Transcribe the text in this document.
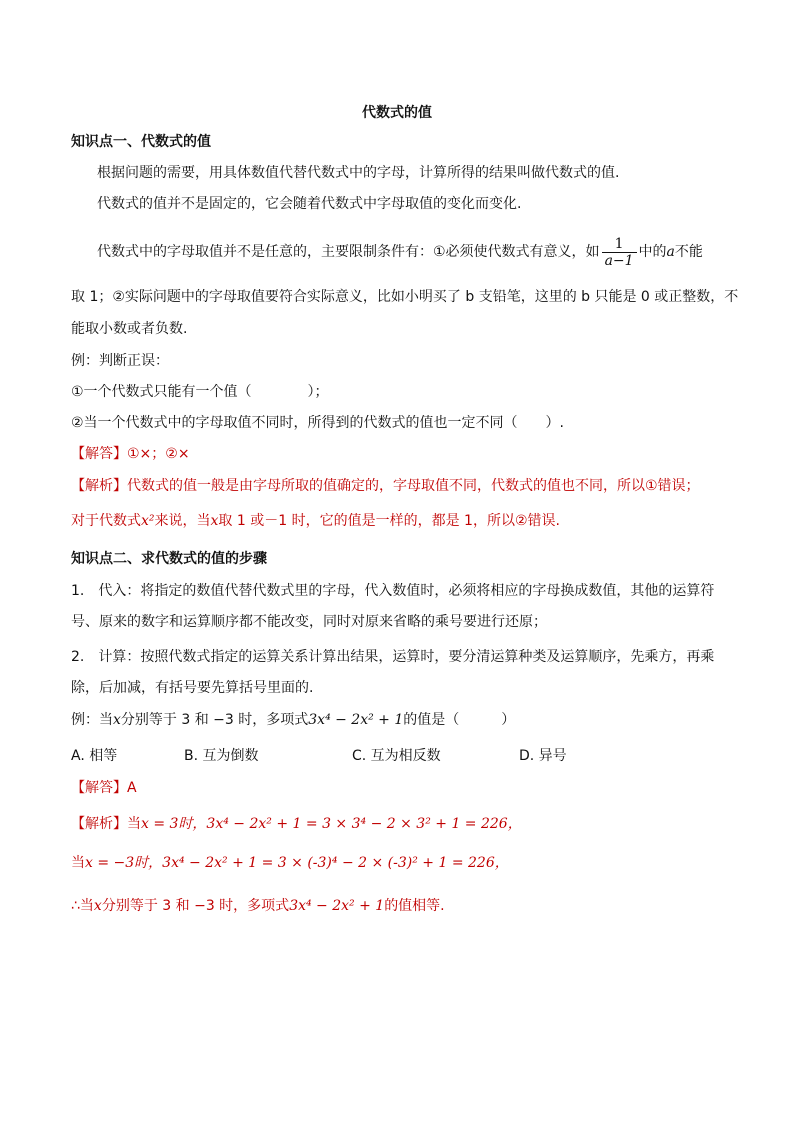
代数式的值
知识点一、代数式的值
根据问题的需要，用具体数值代替代数式中的字母，计算所得的结果叫做代数式的值.
代数式的值并不是固定的，它会随着代数式中字母取值的变化而变化.
代数式中的字母取值并不是任意的，主要限制条件有：①必须使代数式有意义，如 $\frac{1}{a-1}$ 中的a不能
取 1；②实际问题中的字母取值要符合实际意义，比如小明买了 b 支铅笔，这里的 b 只能是 0 或正整数，不
能取小数或者负数.
例：判断正误：
①一个代数式只能有一个值（　　　　）；
②当一个代数式中的字母取值不同时，所得到的代数式的值也一定不同（　　）.
【解答】①×；②×
【解析】代数式的值一般是由字母所取的值确定的，字母取值不同，代数式的值也不同，所以①错误；
对于代数式x²来说，当x取 1 或－1 时，它的值是一样的，都是 1，所以②错误.
知识点二、求代数式的值的步骤
1.　代入：将指定的数值代替代数式里的字母，代入数值时，必须将相应的字母换成数值，其他的运算符
号、原来的数字和运算顺序都不能改变，同时对原来省略的乘号要进行还原；
2.　计算：按照代数式指定的运算关系计算出结果，运算时，要分清运算种类及运算顺序，先乘方，再乘
除，后加减，有括号要先算括号里面的.
例：当x分别等于 3 和 −3 时，多项式3x⁴ − 2x² + 1的值是（　　　）
A. 相等	B. 互为倒数	C. 互为相反数	D. 异号
【解答】A
【解析】当x = 3时，3x⁴ − 2x² + 1 = 3 × 3⁴ − 2 × 3² + 1 = 226，
当x = −3时，3x⁴ − 2x² + 1 = 3 × (-3)⁴ − 2 × (-3)² + 1 = 226，
∴当x分别等于 3 和 −3 时，多项式3x⁴ − 2x² + 1的值相等.
